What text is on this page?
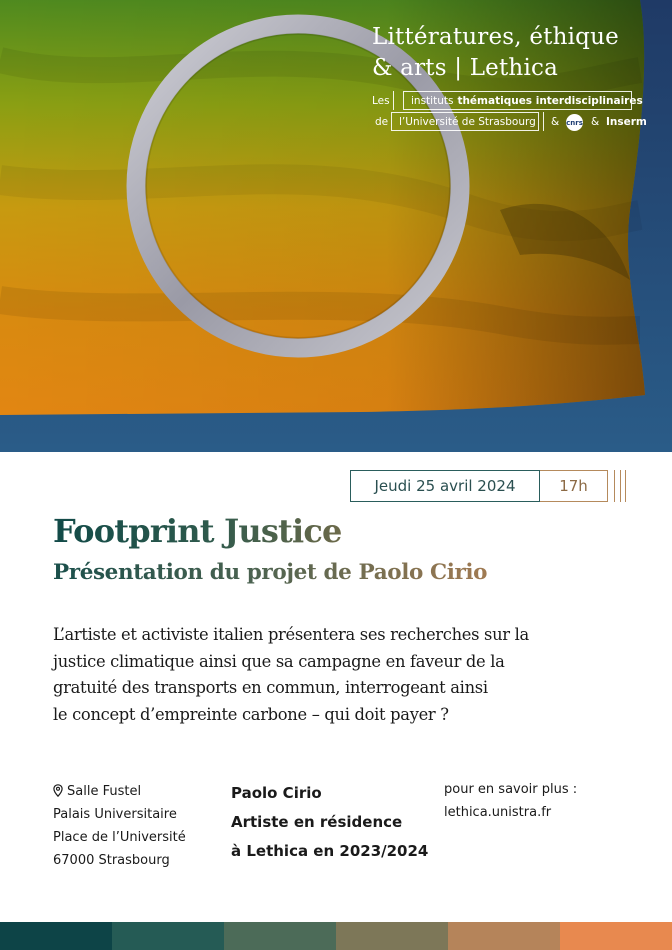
Littératures, éthique
& arts | Lethica
Les instituts thématiques interdisciplinaires
de l’Université de Strasbourg & cnrs & Inserm
Jeudi 25 avril 2024	17h
Footprint Justice
Présentation du projet de Paolo Cirio
L’artiste et activiste italien présentera ses recherches sur la
justice climatique ainsi que sa campagne en faveur de la
gratuité des transports en commun, interrogeant ainsi
le concept d’empreinte carbone – qui doit payer ?
Salle Fustel
Palais Universitaire
Place de l’Université
67000 Strasbourg
Paolo Cirio
Artiste en résidence
à Lethica en 2023/2024
pour en savoir plus :
lethica.unistra.fr
